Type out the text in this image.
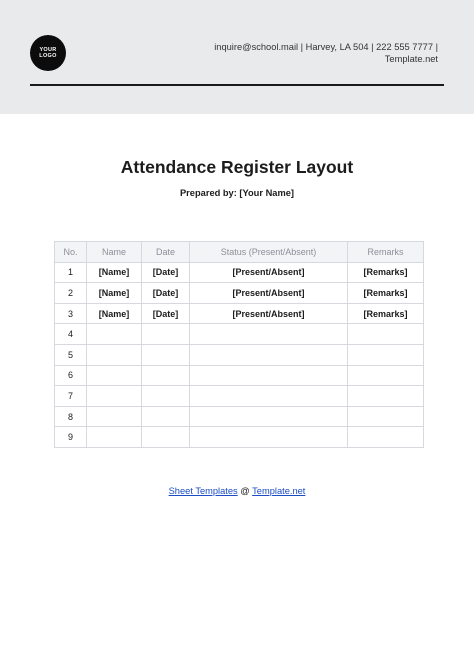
YOUR
LOGO
inquire@school.mail | Harvey, LA 504 | 222 555 7777 |
Template.net
Attendance Register Layout
Prepared by: [Your Name]
No.	Name	Date	Status (Present/Absent)	Remarks
1	[Name]	[Date]	[Present/Absent]	[Remarks]
2	[Name]	[Date]	[Present/Absent]	[Remarks]
3	[Name]	[Date]	[Present/Absent]	[Remarks]
4				
5				
6				
7				
8				
9				
Sheet Templates @ Template.net
